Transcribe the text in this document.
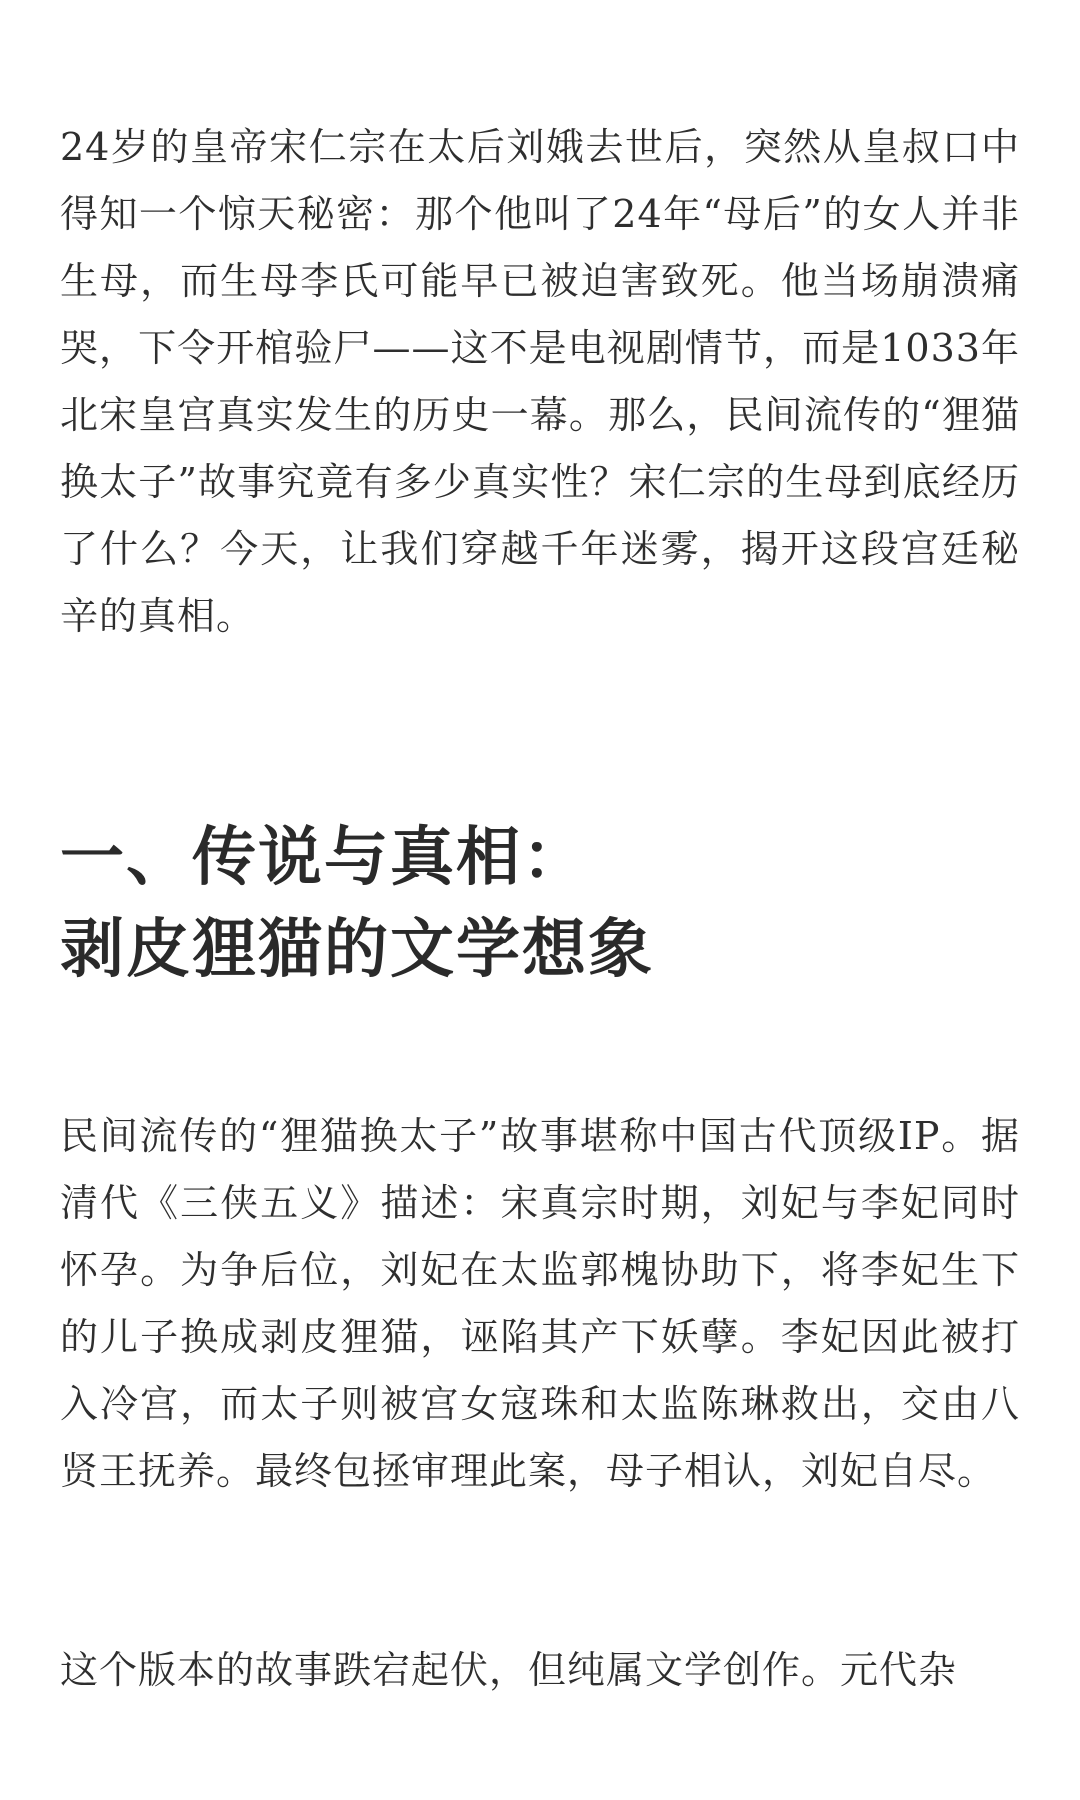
24岁的皇帝宋仁宗在太后刘娥去世后，突然从皇叔口中得知一个惊天秘密：那个他叫了24年“母后”的女人并非生母，而生母李氏可能早已被迫害致死。他当场崩溃痛哭，下令开棺验尸——这不是电视剧情节，而是1033年北宋皇宫真实发生的历史一幕。那么，民间流传的“狸猫换太子”故事究竟有多少真实性？宋仁宗的生母到底经历了什么？今天，让我们穿越千年迷雾，揭开这段宫廷秘辛的真相。

一、传说与真相：
剥皮狸猫的文学想象

民间流传的“狸猫换太子”故事堪称中国古代顶级IP。据清代《三侠五义》描述：宋真宗时期，刘妃与李妃同时怀孕。为争后位，刘妃在太监郭槐协助下，将李妃生下的儿子换成剥皮狸猫，诬陷其产下妖孽。李妃因此被打入冷宫，而太子则被宫女寇珠和太监陈琳救出，交由八贤王抚养。最终包拯审理此案，母子相认，刘妃自尽。

这个版本的故事跌宕起伏，但纯属文学创作。元代杂
